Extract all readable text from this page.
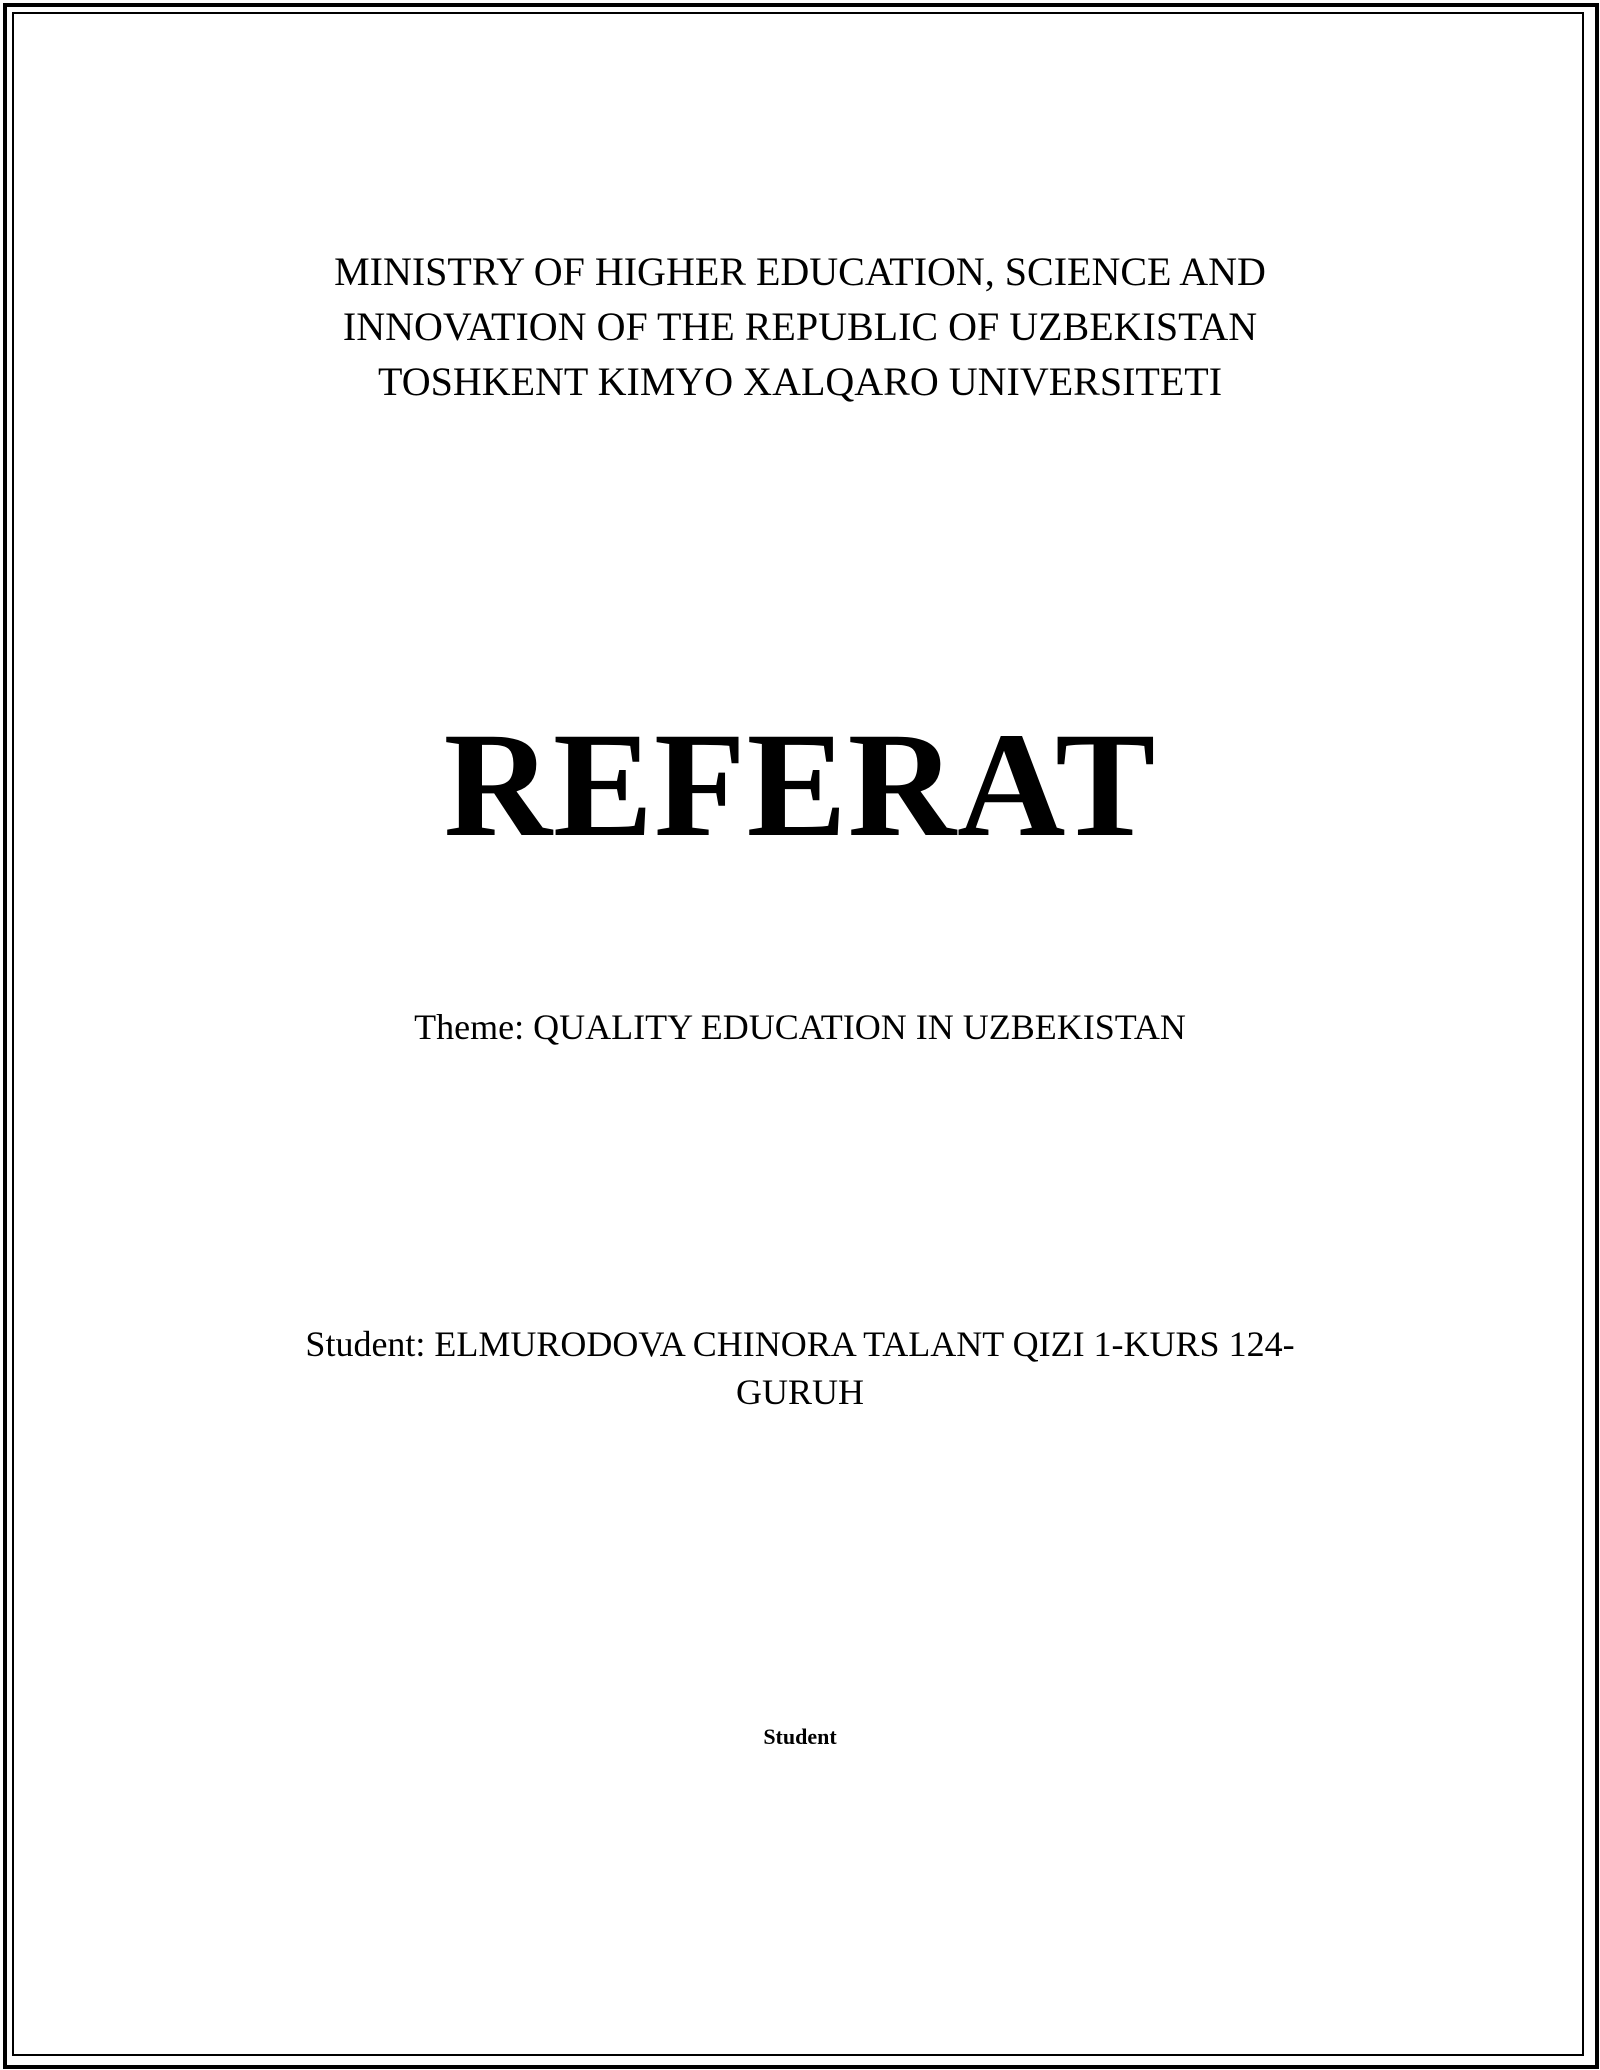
MINISTRY OF HIGHER EDUCATION, SCIENCE AND
INNOVATION OF THE REPUBLIC OF UZBEKISTAN
TOSHKENT KIMYO XALQARO UNIVERSITETI
REFERAT
Theme: QUALITY EDUCATION IN UZBEKISTAN
Student: ELMURODOVA CHINORA TALANT QIZI 1-KURS 124-
GURUH
Student
